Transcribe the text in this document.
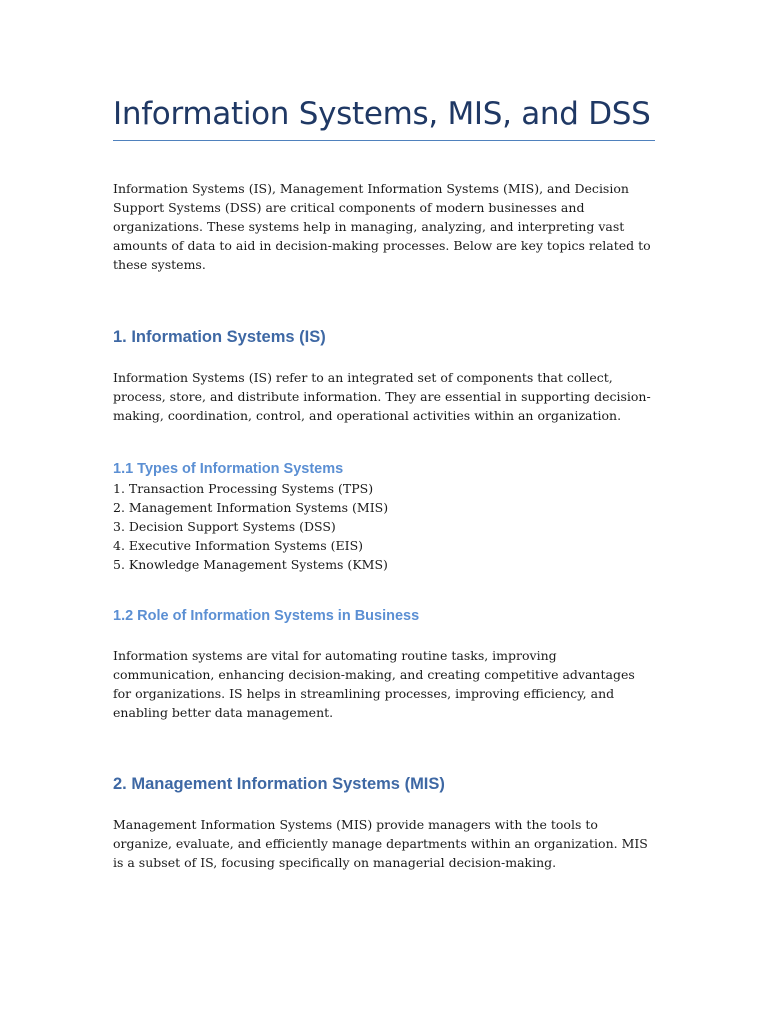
Information Systems, MIS, and DSS

Information Systems (IS), Management Information Systems (MIS), and Decision Support Systems (DSS) are critical components of modern businesses and organizations. These systems help in managing, analyzing, and interpreting vast amounts of data to aid in decision-making processes. Below are key topics related to these systems.

1. Information Systems (IS)

Information Systems (IS) refer to an integrated set of components that collect, process, store, and distribute information. They are essential in supporting decision-making, coordination, control, and operational activities within an organization.

1.1 Types of Information Systems
1. Transaction Processing Systems (TPS)
2. Management Information Systems (MIS)
3. Decision Support Systems (DSS)
4. Executive Information Systems (EIS)
5. Knowledge Management Systems (KMS)
1.2 Role of Information Systems in Business

Information systems are vital for automating routine tasks, improving communication, enhancing decision-making, and creating competitive advantages for organizations. IS helps in streamlining processes, improving efficiency, and enabling better data management.

2. Management Information Systems (MIS)

Management Information Systems (MIS) provide managers with the tools to organize, evaluate, and efficiently manage departments within an organization. MIS is a subset of IS, focusing specifically on managerial decision-making.
